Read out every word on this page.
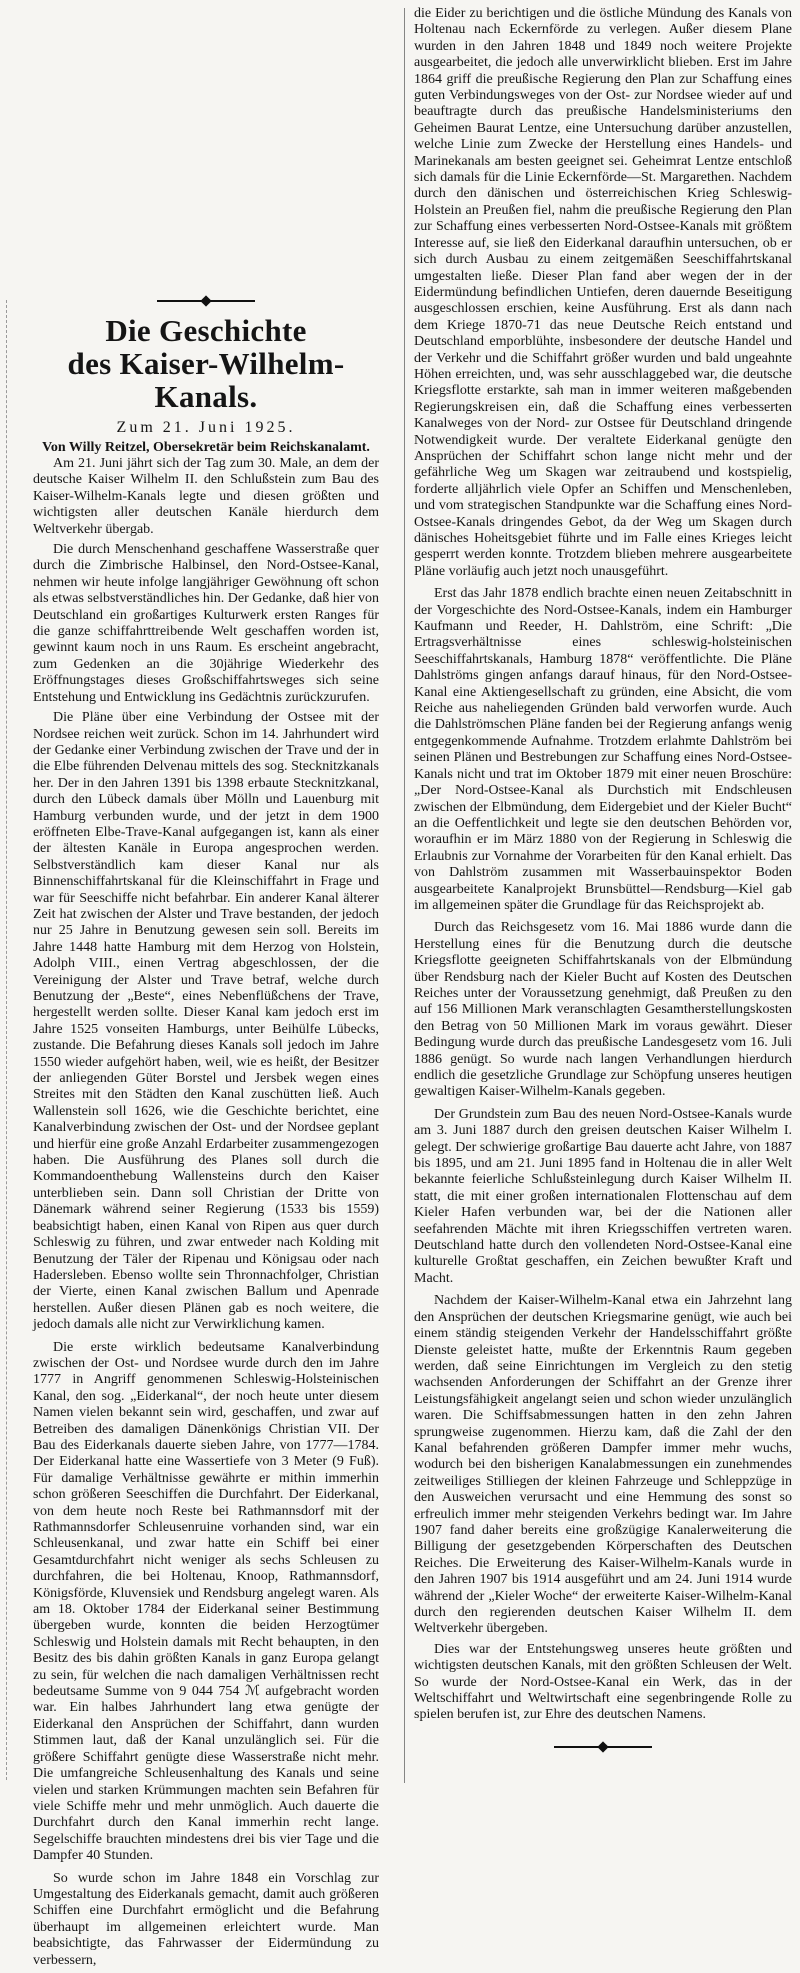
Die Geschichte
des Kaiser-Wilhelm-Kanals.
Zum 21. Juni 1925.
Von Willy Reitzel, Obersekretär beim Reichskanalamt.

Am 21. Juni jährt sich der Tag zum 30. Male, an dem der deutsche Kaiser Wilhelm II. den Schlußstein zum Bau des Kaiser-Wilhelm-Kanals legte und diesen größten und wichtigsten aller deutschen Kanäle hierdurch dem Weltverkehr übergab.

Die durch Menschenhand geschaffene Wasserstraße quer durch die Zimbrische Halbinsel, den Nord-Ostsee-Kanal, nehmen wir heute infolge langjähriger Gewöhnung oft schon als etwas selbstverständliches hin. Der Gedanke, daß hier von Deutschland ein großartiges Kulturwerk ersten Ranges für die ganze schiffahrttreibende Welt geschaffen worden ist, gewinnt kaum noch in uns Raum. Es erscheint angebracht, zum Gedenken an die 30jährige Wiederkehr des Eröffnungstages dieses Großschiffahrtsweges sich seine Entstehung und Entwicklung ins Gedächtnis zurückzurufen.

Die Pläne über eine Verbindung der Ostsee mit der Nordsee reichen weit zurück. Schon im 14. Jahrhundert wird der Gedanke einer Verbindung zwischen der Trave und der in die Elbe führenden Delvenau mittels des sog. Stecknitzkanals her. Der in den Jahren 1391 bis 1398 erbaute Stecknitzkanal, durch den Lübeck damals über Mölln und Lauenburg mit Hamburg verbunden wurde, und der jetzt in dem 1900 eröffneten Elbe-Trave-Kanal aufgegangen ist, kann als einer der ältesten Kanäle in Europa angesprochen werden. Selbstverständlich kam dieser Kanal nur als Binnenschiffahrtskanal für die Kleinschiffahrt in Frage und war für Seeschiffe nicht befahrbar. Ein anderer Kanal älterer Zeit hat zwischen der Alster und Trave bestanden, der jedoch nur 25 Jahre in Benutzung gewesen sein soll. Bereits im Jahre 1448 hatte Hamburg mit dem Herzog von Holstein, Adolph VIII., einen Vertrag abgeschlossen, der die Vereinigung der Alster und Trave betraf, welche durch Benutzung der „Beste“, eines Nebenflüßchens der Trave, hergestellt werden sollte. Dieser Kanal kam jedoch erst im Jahre 1525 vonseiten Hamburgs, unter Beihülfe Lübecks, zustande. Die Befahrung dieses Kanals soll jedoch im Jahre 1550 wieder aufgehört haben, weil, wie es heißt, der Besitzer der anliegenden Güter Borstel und Jersbek wegen eines Streites mit den Städten den Kanal zuschütten ließ. Auch Wallenstein soll 1626, wie die Geschichte berichtet, eine Kanalverbindung zwischen der Ost- und der Nordsee geplant und hierfür eine große Anzahl Erdarbeiter zusammengezogen haben. Die Ausführung des Planes soll durch die Kommandoenthebung Wallensteins durch den Kaiser unterblieben sein. Dann soll Christian der Dritte von Dänemark während seiner Regierung (1533 bis 1559) beabsichtigt haben, einen Kanal von Ripen aus quer durch Schleswig zu führen, und zwar entweder nach Kolding mit Benutzung der Täler der Ripenau und Königsau oder nach Hadersleben. Ebenso wollte sein Thronnachfolger, Christian der Vierte, einen Kanal zwischen Ballum und Apenrade herstellen. Außer diesen Plänen gab es noch weitere, die jedoch damals alle nicht zur Verwirklichung kamen.

Die erste wirklich bedeutsame Kanalverbindung zwischen der Ost- und Nordsee wurde durch den im Jahre 1777 in Angriff genommenen Schleswig-Holsteinischen Kanal, den sog. „Eiderkanal“, der noch heute unter diesem Namen vielen bekannt sein wird, geschaffen, und zwar auf Betreiben des damaligen Dänenkönigs Christian VII. Der Bau des Eiderkanals dauerte sieben Jahre, von 1777—1784. Der Eiderkanal hatte eine Wassertiefe von 3 Meter (9 Fuß). Für damalige Verhältnisse gewährte er mithin immerhin schon größeren Seeschiffen die Durchfahrt. Der Eiderkanal, von dem heute noch Reste bei Rathmannsdorf mit der Rathmannsdorfer Schleusenruine vorhanden sind, war ein Schleusenkanal, und zwar hatte ein Schiff bei einer Gesamtdurchfahrt nicht weniger als sechs Schleusen zu durchfahren, die bei Holtenau, Knoop, Rathmannsdorf, Königsförde, Kluvensiek und Rendsburg angelegt waren. Als am 18. Oktober 1784 der Eiderkanal seiner Bestimmung übergeben wurde, konnten die beiden Herzogtümer Schleswig und Holstein damals mit Recht behaupten, in den Besitz des bis dahin größten Kanals in ganz Europa gelangt zu sein, für welchen die nach damaligen Verhältnissen recht bedeutsame Summe von 9 044 754 ℳ aufgebracht worden war. Ein halbes Jahrhundert lang etwa genügte der Eiderkanal den Ansprüchen der Schiffahrt, dann wurden Stimmen laut, daß der Kanal unzulänglich sei. Für die größere Schiffahrt genügte diese Wasserstraße nicht mehr. Die umfangreiche Schleusenhaltung des Kanals und seine vielen und starken Krümmungen machten sein Befahren für viele Schiffe mehr und mehr unmöglich. Auch dauerte die Durchfahrt durch den Kanal immerhin recht lange. Segelschiffe brauchten mindestens drei bis vier Tage und die Dampfer 40 Stunden.

So wurde schon im Jahre 1848 ein Vorschlag zur Umgestaltung des Eiderkanals gemacht, damit auch größeren Schiffen eine Durchfahrt ermöglicht und die Befahrung überhaupt im allgemeinen erleichtert wurde. Man beabsichtigte, das Fahrwasser der Eidermündung zu verbessern,

die Eider zu berichtigen und die östliche Mündung des Kanals von Holtenau nach Eckernförde zu verlegen. Außer diesem Plane wurden in den Jahren 1848 und 1849 noch weitere Projekte ausgearbeitet, die jedoch alle unverwirklicht blieben. Erst im Jahre 1864 griff die preußische Regierung den Plan zur Schaffung eines guten Verbindungsweges von der Ost- zur Nordsee wieder auf und beauftragte durch das preußische Handelsministeriums den Geheimen Baurat Lentze, eine Untersuchung darüber anzustellen, welche Linie zum Zwecke der Herstellung eines Handels- und Marinekanals am besten geeignet sei. Geheimrat Lentze entschloß sich damals für die Linie Eckernförde—St. Margarethen. Nachdem durch den dänischen und österreichischen Krieg Schleswig-Holstein an Preußen fiel, nahm die preußische Regierung den Plan zur Schaffung eines verbesserten Nord-Ostsee-Kanals mit größtem Interesse auf, sie ließ den Eiderkanal daraufhin untersuchen, ob er sich durch Ausbau zu einem zeitgemäßen Seeschiffahrtskanal umgestalten ließe. Dieser Plan fand aber wegen der in der Eidermündung befindlichen Untiefen, deren dauernde Beseitigung ausgeschlossen erschien, keine Ausführung. Erst als dann nach dem Kriege 1870-71 das neue Deutsche Reich entstand und Deutschland emporblühte, insbesondere der deutsche Handel und der Verkehr und die Schiffahrt größer wurden und bald ungeahnte Höhen erreichten, und, was sehr ausschlaggebed war, die deutsche Kriegsflotte erstarkte, sah man in immer weiteren maßgebenden Regierungskreisen ein, daß die Schaffung eines verbesserten Kanalweges von der Nord- zur Ostsee für Deutschland dringende Notwendigkeit wurde. Der veraltete Eiderkanal genügte den Ansprüchen der Schiffahrt schon lange nicht mehr und der gefährliche Weg um Skagen war zeitraubend und kostspielig, forderte alljährlich viele Opfer an Schiffen und Menschenleben, und vom strategischen Standpunkte war die Schaffung eines Nord-Ostsee-Kanals dringendes Gebot, da der Weg um Skagen durch dänisches Hoheitsgebiet führte und im Falle eines Krieges leicht gesperrt werden konnte. Trotzdem blieben mehrere ausgearbeitete Pläne vorläufig auch jetzt noch unausgeführt.

Erst das Jahr 1878 endlich brachte einen neuen Zeitabschnitt in der Vorgeschichte des Nord-Ostsee-Kanals, indem ein Hamburger Kaufmann und Reeder, H. Dahlström, eine Schrift: „Die Ertragsverhältnisse eines schleswig-holsteinischen Seeschiffahrtskanals, Hamburg 1878“ veröffentlichte. Die Pläne Dahlströms gingen anfangs darauf hinaus, für den Nord-Ostsee-Kanal eine Aktiengesellschaft zu gründen, eine Absicht, die vom Reiche aus naheliegenden Gründen bald verworfen wurde. Auch die Dahlströmschen Pläne fanden bei der Regierung anfangs wenig entgegenkommende Aufnahme. Trotzdem erlahmte Dahlström bei seinen Plänen und Bestrebungen zur Schaffung eines Nord-Ostsee-Kanals nicht und trat im Oktober 1879 mit einer neuen Broschüre: „Der Nord-Ostsee-Kanal als Durchstich mit Endschleusen zwischen der Elbmündung, dem Eidergebiet und der Kieler Bucht“ an die Oeffentlichkeit und legte sie den deutschen Behörden vor, woraufhin er im März 1880 von der Regierung in Schleswig die Erlaubnis zur Vornahme der Vorarbeiten für den Kanal erhielt. Das von Dahlström zusammen mit Wasserbauinspektor Boden ausgearbeitete Kanalprojekt Brunsbüttel—Rendsburg—Kiel gab im allgemeinen später die Grundlage für das Reichsprojekt ab.

Durch das Reichsgesetz vom 16. Mai 1886 wurde dann die Herstellung eines für die Benutzung durch die deutsche Kriegsflotte geeigneten Schiffahrtskanals von der Elbmündung über Rendsburg nach der Kieler Bucht auf Kosten des Deutschen Reiches unter der Voraussetzung genehmigt, daß Preußen zu den auf 156 Millionen Mark veranschlagten Gesamtherstellungskosten den Betrag von 50 Millionen Mark im voraus gewährt. Dieser Bedingung wurde durch das preußische Landesgesetz vom 16. Juli 1886 genügt. So wurde nach langen Verhandlungen hierdurch endlich die gesetzliche Grundlage zur Schöpfung unseres heutigen gewaltigen Kaiser-Wilhelm-Kanals gegeben.

Der Grundstein zum Bau des neuen Nord-Ostsee-Kanals wurde am 3. Juni 1887 durch den greisen deutschen Kaiser Wilhelm I. gelegt. Der schwierige großartige Bau dauerte acht Jahre, von 1887 bis 1895, und am 21. Juni 1895 fand in Holtenau die in aller Welt bekannte feierliche Schlußsteinlegung durch Kaiser Wilhelm II. statt, die mit einer großen internationalen Flottenschau auf dem Kieler Hafen verbunden war, bei der die Nationen aller seefahrenden Mächte mit ihren Kriegsschiffen vertreten waren. Deutschland hatte durch den vollendeten Nord-Ostsee-Kanal eine kulturelle Großtat geschaffen, ein Zeichen bewußter Kraft und Macht.

Nachdem der Kaiser-Wilhelm-Kanal etwa ein Jahrzehnt lang den Ansprüchen der deutschen Kriegsmarine genügt, wie auch bei einem ständig steigenden Verkehr der Handelsschiffahrt größte Dienste geleistet hatte, mußte der Erkenntnis Raum gegeben werden, daß seine Einrichtungen im Vergleich zu den stetig wachsenden Anforderungen der Schiffahrt an der Grenze ihrer Leistungsfähigkeit angelangt seien und schon wieder unzulänglich waren. Die Schiffsabmessungen hatten in den zehn Jahren sprungweise zugenommen. Hierzu kam, daß die Zahl der den Kanal befahrenden größeren Dampfer immer mehr wuchs, wodurch bei den bisherigen Kanalabmessungen ein zunehmendes zeitweiliges Stilliegen der kleinen Fahrzeuge und Schleppzüge in den Ausweichen verursacht und eine Hemmung des sonst so erfreulich immer mehr steigenden Verkehrs bedingt war. Im Jahre 1907 fand daher bereits eine großzügige Kanalerweiterung die Billigung der gesetzgebenden Körperschaften des Deutschen Reiches. Die Erweiterung des Kaiser-Wilhelm-Kanals wurde in den Jahren 1907 bis 1914 ausgeführt und am 24. Juni 1914 wurde während der „Kieler Woche“ der erweiterte Kaiser-Wilhelm-Kanal durch den regierenden deutschen Kaiser Wilhelm II. dem Weltverkehr übergeben.

Dies war der Entstehungsweg unseres heute größten und wichtigsten deutschen Kanals, mit den größten Schleusen der Welt. So wurde der Nord-Ostsee-Kanal ein Werk, das in der Weltschiffahrt und Weltwirtschaft eine segenbringende Rolle zu spielen berufen ist, zur Ehre des deutschen Namens.
